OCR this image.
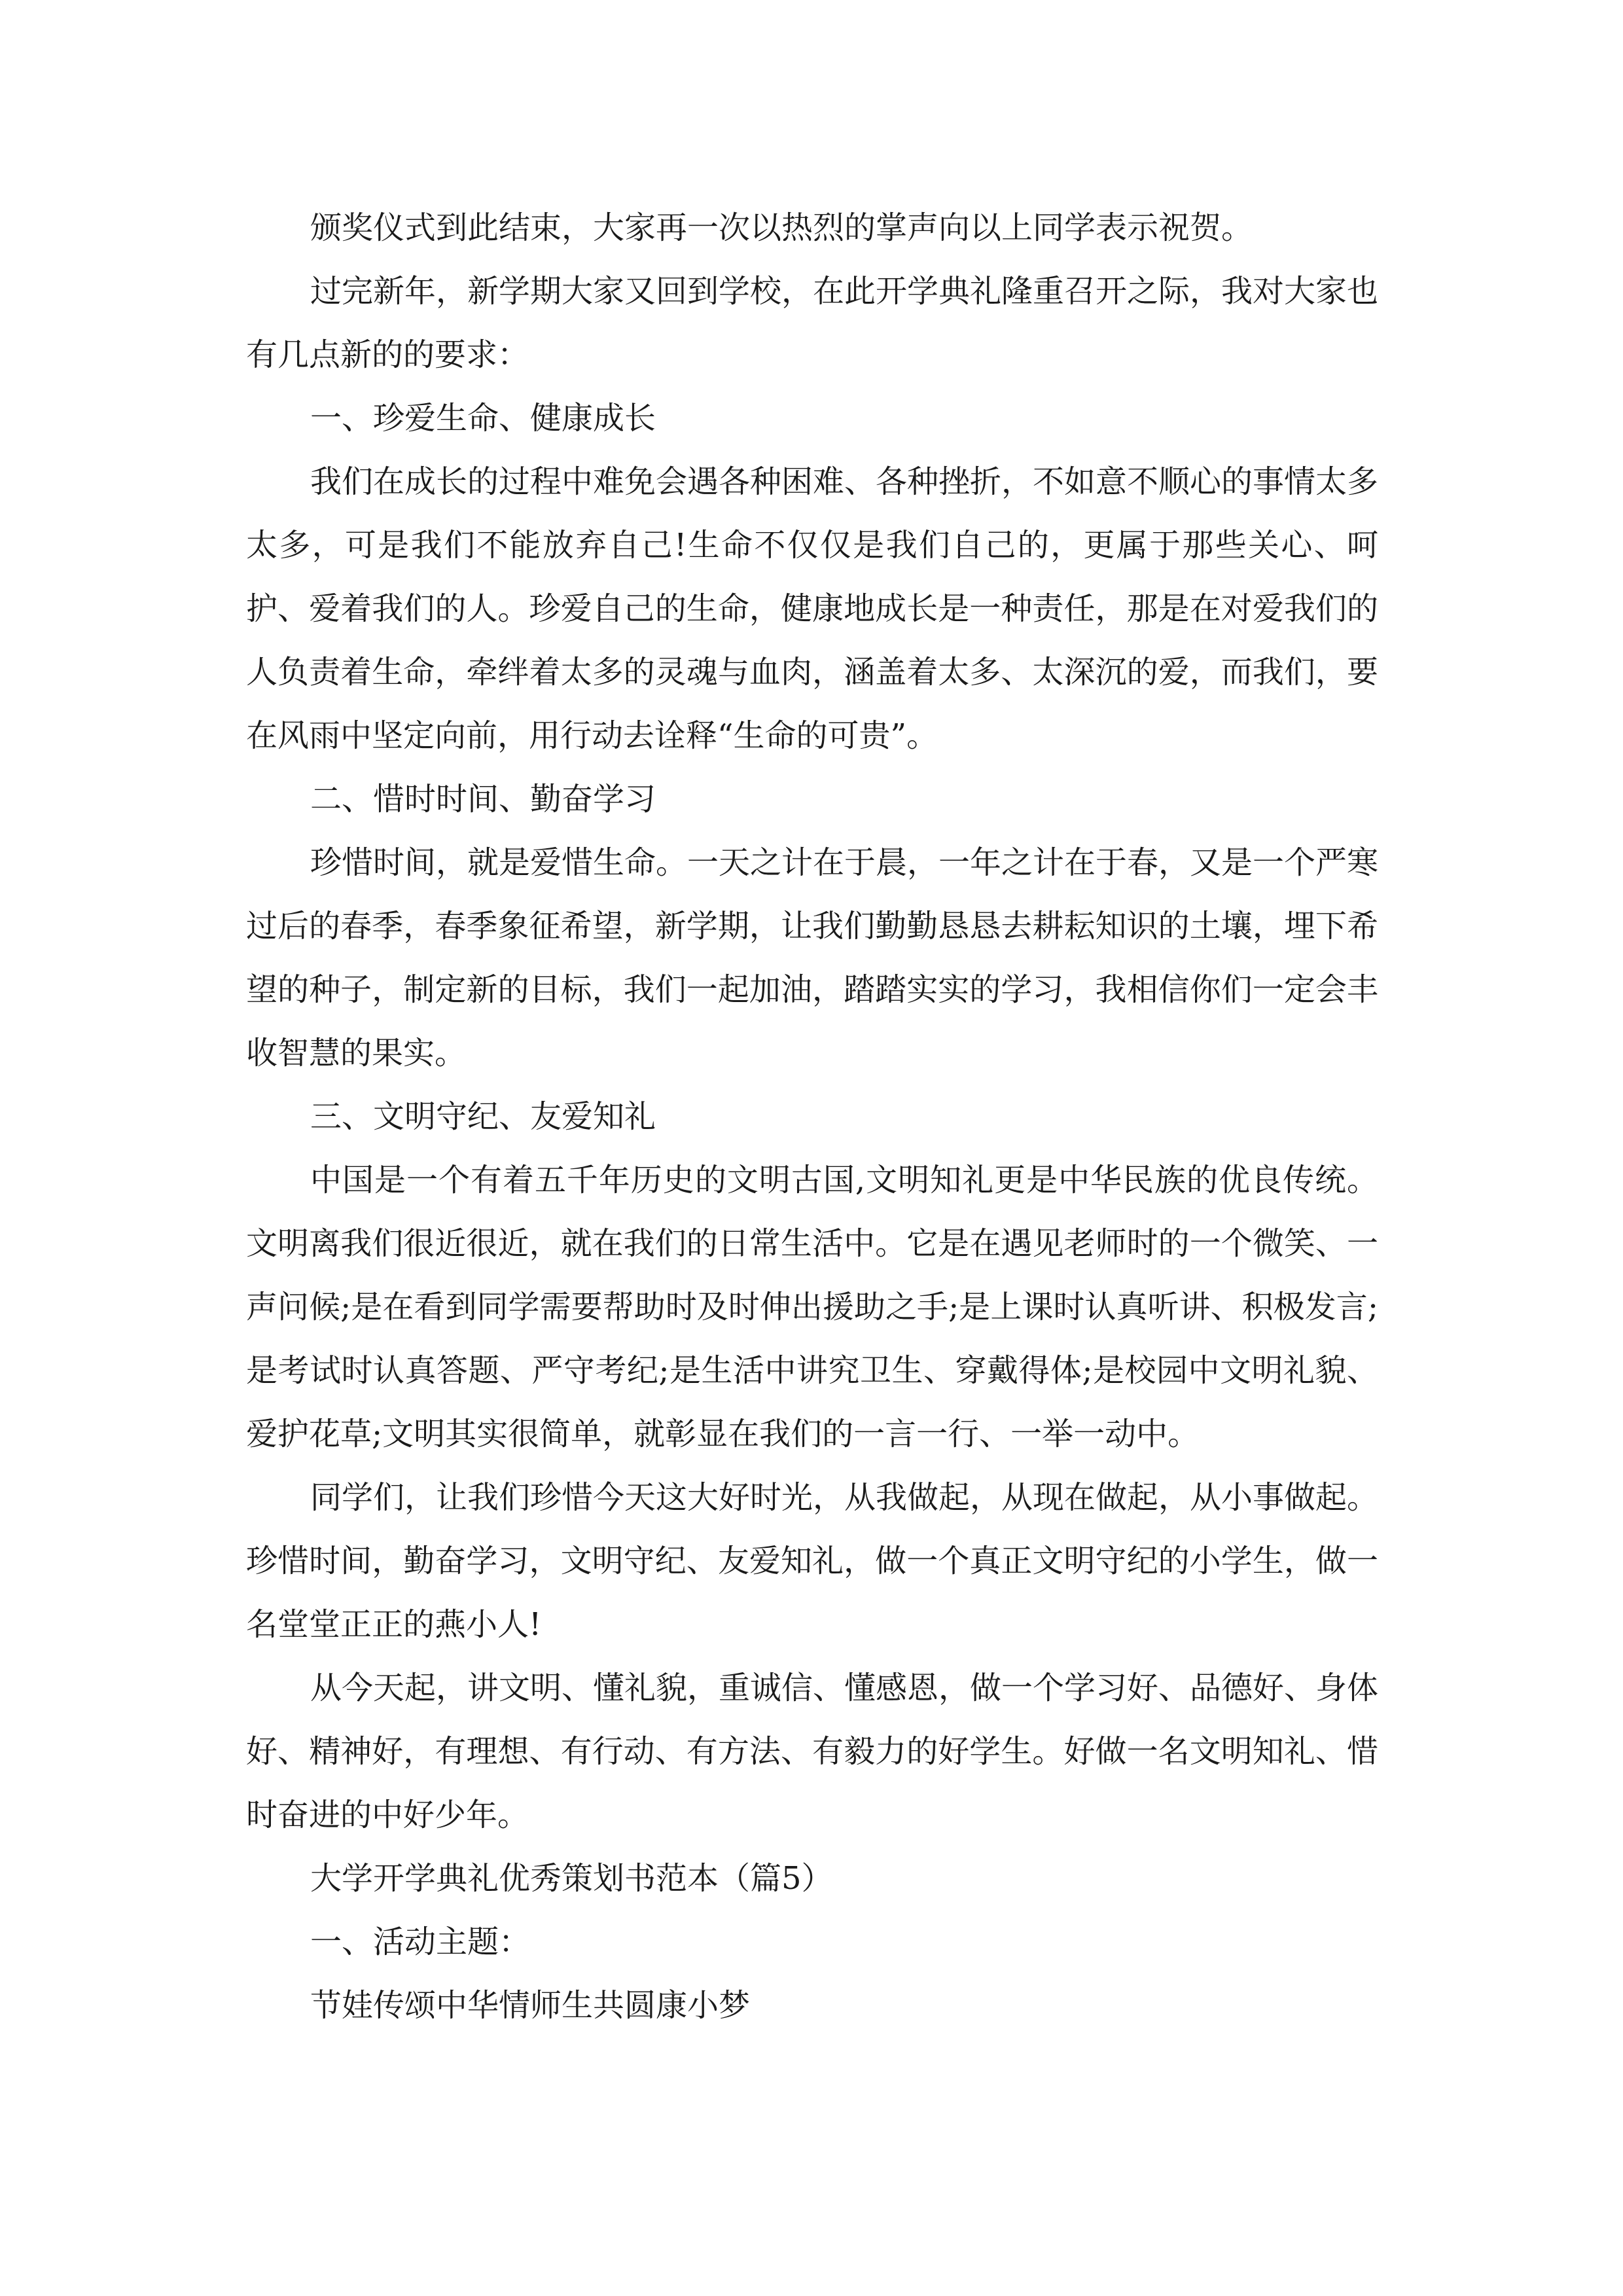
颁奖仪式到此结束，大家再一次以热烈的掌声向以上同学表示祝贺。

过完新年，新学期大家又回到学校，在此开学典礼隆重召开之际，我对大家也有几点新的的要求：

一、珍爱生命、健康成长

我们在成长的过程中难免会遇各种困难、各种挫折，不如意不顺心的事情太多太多，可是我们不能放弃自己!生命不仅仅是我们自己的，更属于那些关心、呵护、爱着我们的人。珍爱自己的生命，健康地成长是一种责任，那是在对爱我们的人负责着生命，牵绊着太多的灵魂与血肉，涵盖着太多、太深沉的爱，而我们，要在风雨中坚定向前，用行动去诠释“生命的可贵”。

二、惜时时间、勤奋学习

珍惜时间，就是爱惜生命。一天之计在于晨，一年之计在于春，又是一个严寒过后的春季，春季象征希望，新学期，让我们勤勤恳恳去耕耘知识的土壤，埋下希望的种子，制定新的目标，我们一起加油，踏踏实实的学习，我相信你们一定会丰收智慧的果实。

三、文明守纪、友爱知礼

中国是一个有着五千年历史的文明古国,文明知礼更是中华民族的优良传统。文明离我们很近很近，就在我们的日常生活中。它是在遇见老师时的一个微笑、一声问候;是在看到同学需要帮助时及时伸出援助之手;是上课时认真听讲、积极发言;是考试时认真答题、严守考纪;是生活中讲究卫生、穿戴得体;是校园中文明礼貌、爱护花草;文明其实很简单，就彰显在我们的一言一行、一举一动中。

同学们，让我们珍惜今天这大好时光，从我做起，从现在做起，从小事做起。珍惜时间，勤奋学习，文明守纪、友爱知礼，做一个真正文明守纪的小学生，做一名堂堂正正的燕小人!

从今天起，讲文明、懂礼貌，重诚信、懂感恩，做一个学习好、品德好、身体好、精神好，有理想、有行动、有方法、有毅力的好学生。好做一名文明知礼、惜时奋进的中好少年。

大学开学典礼优秀策划书范本（篇5）

一、活动主题：

节娃传颂中华情师生共圆康小梦
